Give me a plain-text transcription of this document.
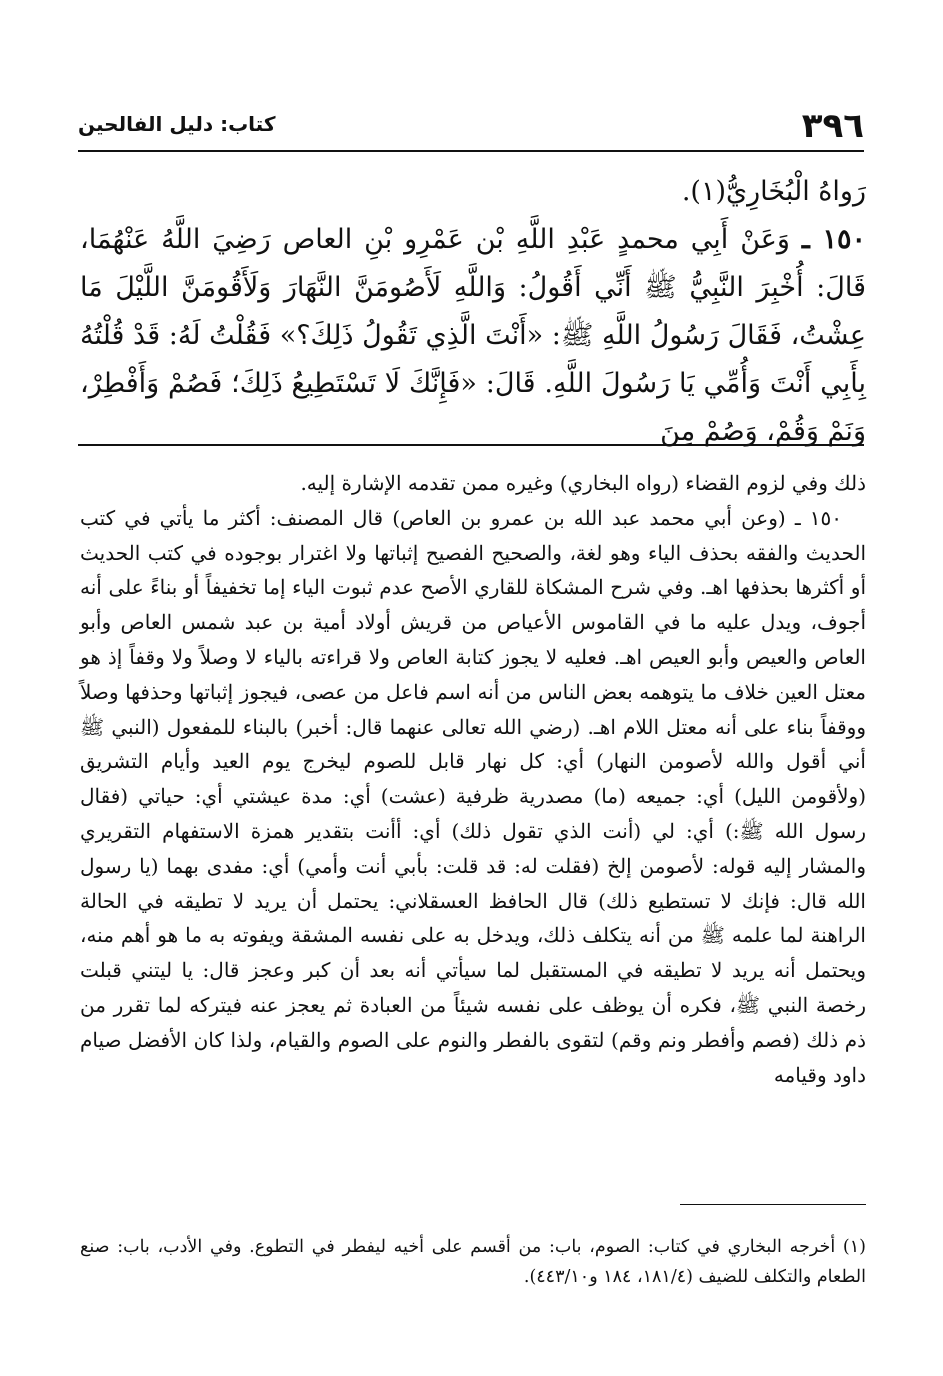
٣٩٦
كتاب: دليل الفالحين

رَواهُ الْبُخَارِيُّ(١).

١٥٠ ـ وَعَنْ أَبِي محمدٍ عَبْدِ اللَّهِ بْن عَمْرِو بْنِ العاص رَضِيَ اللَّهُ عَنْهُمَا، قَالَ: أُخْبِرَ النَّبِيُّ ﷺ أَنِّي أَقُولُ: وَاللَّهِ لَأَصُومَنَّ النَّهَارَ وَلَأَقُومَنَّ اللَّيْلَ مَا عِشْتُ، فَقَالَ رَسُولُ اللَّهِ ﷺ: «أَنْتَ الَّذِي تَقُولُ ذَلِكَ؟» فَقُلْتُ لَهُ: قَدْ قُلْتُهُ بِأَبِي أَنْتَ وَأُمِّي يَا رَسُولَ اللَّهِ. قَالَ: «فَإِنَّكَ لَا تَسْتَطِيعُ ذَلِكَ؛ فَصُمْ وَأَفْطِرْ، وَنَمْ وَقُمْ، وَصُمْ مِنَ

ذلك وفي لزوم القضاء (رواه البخاري) وغيره ممن تقدمه الإشارة إليه.

١٥٠ ـ (وعن أبي محمد عبد الله بن عمرو بن العاص) قال المصنف: أكثر ما يأتي في كتب الحديث والفقه بحذف الياء وهو لغة، والصحيح الفصيح إثباتها ولا اغترار بوجوده في كتب الحديث أو أكثرها بحذفها اهـ. وفي شرح المشكاة للقاري الأصح عدم ثبوت الياء إما تخفيفاً أو بناءً على أنه أجوف، ويدل عليه ما في القاموس الأعياص من قريش أولاد أمية بن عبد شمس العاص وأبو العاص والعيص وأبو العيص اهـ. فعليه لا يجوز كتابة العاص ولا قراءته بالياء لا وصلاً ولا وقفاً إذ هو معتل العين خلاف ما يتوهمه بعض الناس من أنه اسم فاعل من عصى، فيجوز إثباتها وحذفها وصلاً ووقفاً بناء على أنه معتل اللام اهـ. (رضي الله تعالى عنهما قال: أخبر) بالبناء للمفعول (النبي ﷺ أني أقول والله لأصومن النهار) أي: كل نهار قابل للصوم ليخرج يوم العيد وأيام التشريق (ولأقومن الليل) أي: جميعه (ما) مصدرية ظرفية (عشت) أي: مدة عيشتي أي: حياتي (فقال رسول الله ﷺ:) أي: لي (أنت الذي تقول ذلك) أي: أأنت بتقدير همزة الاستفهام التقريري والمشار إليه قوله: لأصومن إلخ (فقلت له: قد قلت: بأبي أنت وأمي) أي: مفدى بهما (يا رسول الله قال: فإنك لا تستطيع ذلك) قال الحافظ العسقلاني: يحتمل أن يريد لا تطيقه في الحالة الراهنة لما علمه ﷺ من أنه يتكلف ذلك، ويدخل به على نفسه المشقة ويفوته به ما هو أهم منه، ويحتمل أنه يريد لا تطيقه في المستقبل لما سيأتي أنه بعد أن كبر وعجز قال: يا ليتني قبلت رخصة النبي ﷺ، فكره أن يوظف على نفسه شيئاً من العبادة ثم يعجز عنه فيتركه لما تقرر من ذم ذلك (فصم وأفطر ونم وقم) لتقوى بالفطر والنوم على الصوم والقيام، ولذا كان الأفضل صيام داود وقيامه

(١) أخرجه البخاري في كتاب: الصوم، باب: من أقسم على أخيه ليفطر في التطوع. وفي الأدب، باب: صنع الطعام والتكلف للضيف (١٨١/٤، ١٨٤ و٤٤٣/١٠).
